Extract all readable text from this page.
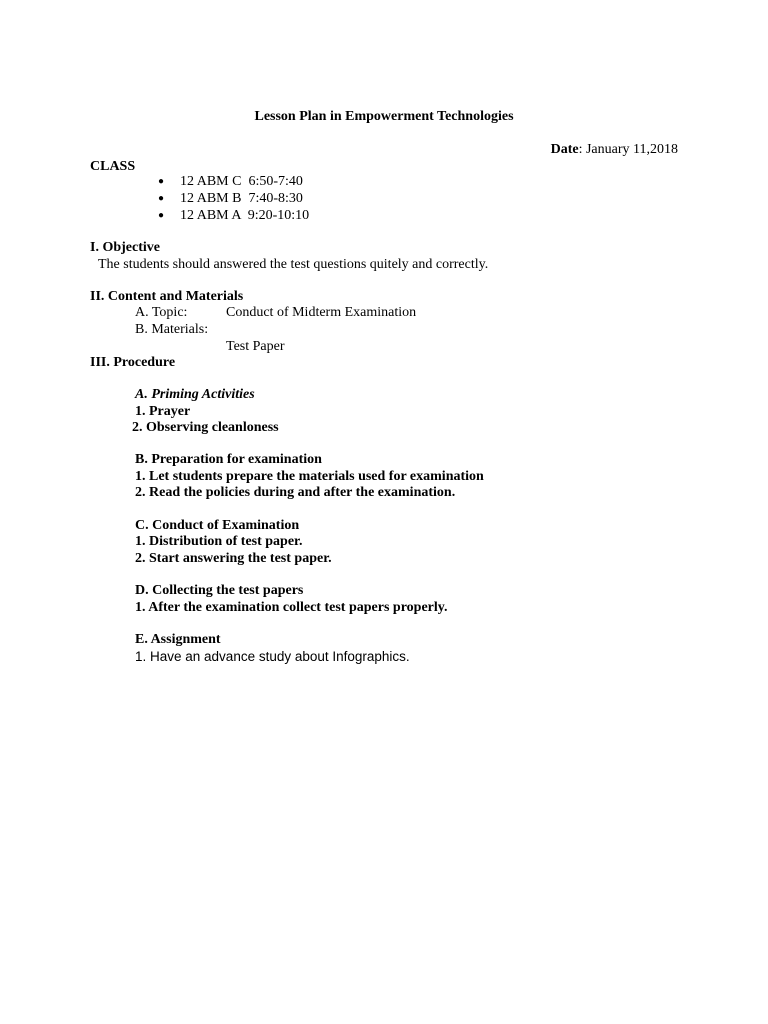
Lesson Plan in Empowerment Technologies
Date: January 11,2018
CLASS
● 12 ABM C  6:50-7:40
● 12 ABM B  7:40-8:30
● 12 ABM A  9:20-10:10
I. Objective
The students should answered the test questions quitely and correctly.
II. Content and Materials
A. Topic:	Conduct of Midterm Examination
B. Materials:
Test Paper
III. Procedure
A. Priming Activities
1. Prayer
2. Observing cleanloness
B. Preparation for examination
1. Let students prepare the materials used for examination
2. Read the policies during and after the examination.
C. Conduct of Examination
1. Distribution of test paper.
2. Start answering the test paper.
D. Collecting the test papers
1. After the examination collect test papers properly.
E. Assignment
1. Have an advance study about Infographics.
